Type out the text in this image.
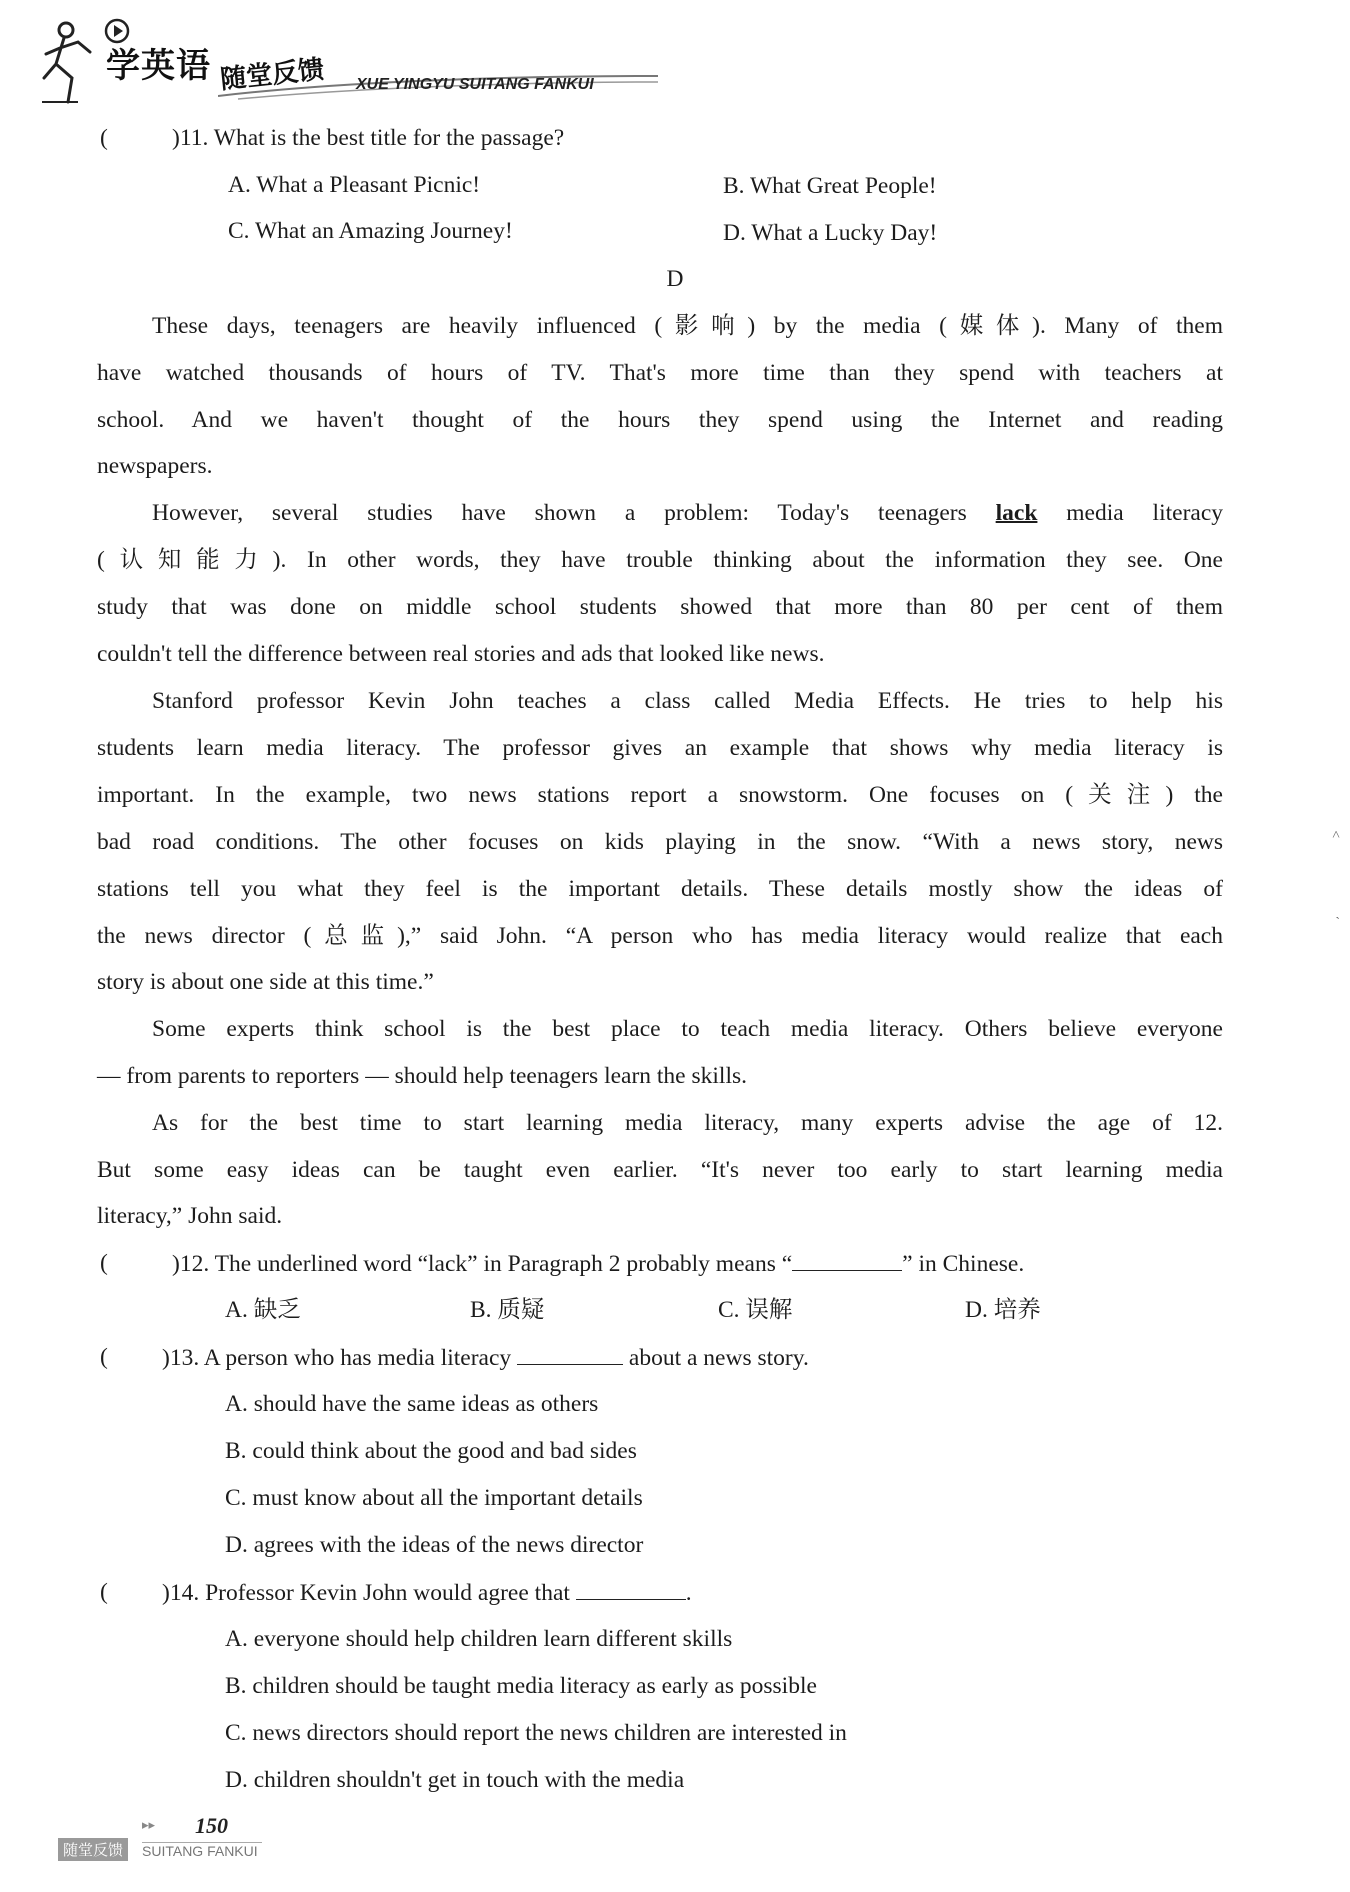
学英语 随堂反馈 XUE YINGYU SUITANG FANKUI
(	)11. What is the best title for the passage?
A. What a Pleasant Picnic!	B. What Great People!
C. What an Amazing Journey!	D. What a Lucky Day!
D
These days, teenagers are heavily influenced (影响) by the media (媒体). Many of them
have watched thousands of hours of TV. That's more time than they spend with teachers at
school. And we haven't thought of the hours they spend using the Internet and reading
newspapers.
However, several studies have shown a problem: Today's teenagers lack media literacy
(认知能力). In other words, they have trouble thinking about the information they see. One
study that was done on middle school students showed that more than 80 per cent of them
couldn't tell the difference between real stories and ads that looked like news.
Stanford professor Kevin John teaches a class called Media Effects. He tries to help his
students learn media literacy. The professor gives an example that shows why media literacy is
important. In the example, two news stations report a snowstorm. One focuses on (关注) the
bad road conditions. The other focuses on kids playing in the snow. “With a news story, news
stations tell you what they feel is the important details. These details mostly show the ideas of
the news director (总监),” said John. “A person who has media literacy would realize that each
story is about one side at this time.”
Some experts think school is the best place to teach media literacy. Others believe everyone
— from parents to reporters — should help teenagers learn the skills.
As for the best time to start learning media literacy, many experts advise the age of 12.
But some easy ideas can be taught even earlier. “It's never too early to start learning media
literacy,” John said.
(	)12. The underlined word “lack” in Paragraph 2 probably means “	” in Chinese.
A. 缺乏	B. 质疑	C. 误解	D. 培养
( )13. A person who has media literacy	about a news story.
A. should have the same ideas as others
B. could think about the good and bad sides
C. must know about all the important details
D. agrees with the ideas of the news director
( )14. Professor Kevin John would agree that	.
A. everyone should help children learn different skills
B. children should be taught media literacy as early as possible
C. news directors should report the news children are interested in
D. children shouldn't get in touch with the media
˄
ˎ
▸▸ 150
随堂反馈	SUITANG FANKUI
